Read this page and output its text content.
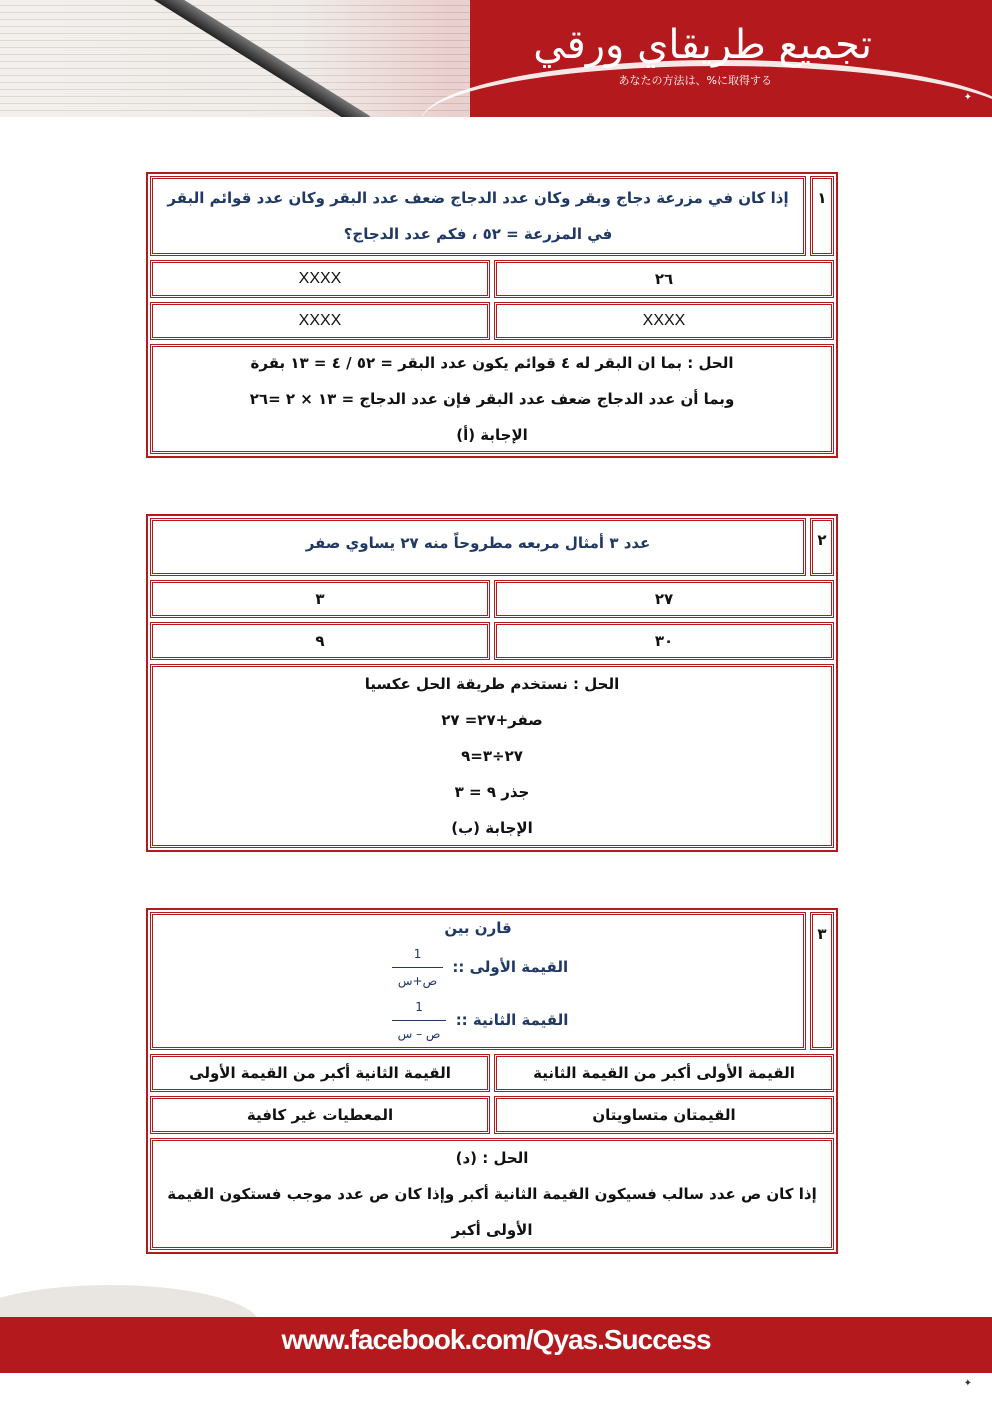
تجميع طريقاي ورقي
あなたの方法は、%に取得する
✦
١
إذا كان في مزرعة دجاج وبقر وكان عدد الدجاج ضعف عدد البقر وكان عدد قوائم البقر في المزرعة = ٥٢ ، فكم عدد الدجاج؟
٢٦
XXXX
XXXX
XXXX
الحل : بما ان البقر له ٤ قوائم يكون عدد البقر = ٥٢ / ٤ = ١٣ بقرة
وبما أن عدد الدجاج ضعف عدد البقر فإن عدد الدجاج = ١٣ × ٢ =٢٦
الإجابة (أ)
٢
عدد ٣ أمثال مربعه مطروحاً منه ٢٧ يساوي صفر
٢٧
٣
٣٠
٩
الحل : نستخدم طريقة الحل عكسيا
صفر+٢٧= ٢٧
٢٧÷٣=٩
جذر ٩ = ٣
الإجابة (ب)
٣
قارن بين
القيمة الأولى ::
$\frac{1}{\text{ص+س}}$
القيمة الثانية ::
$\frac{1}{\text{ص – س}}$
القيمة الأولى أكبر من القيمة الثانية
القيمة الثانية أكبر من القيمة الأولى
القيمتان متساويتان
المعطيات غير كافية
الحل : (د)
إذا كان ص عدد سالب فسيكون القيمة الثانية أكبر وإذا كان ص عدد موجب فستكون القيمة الأولى أكبر
www.facebook.com/Qyas.Success
✦
